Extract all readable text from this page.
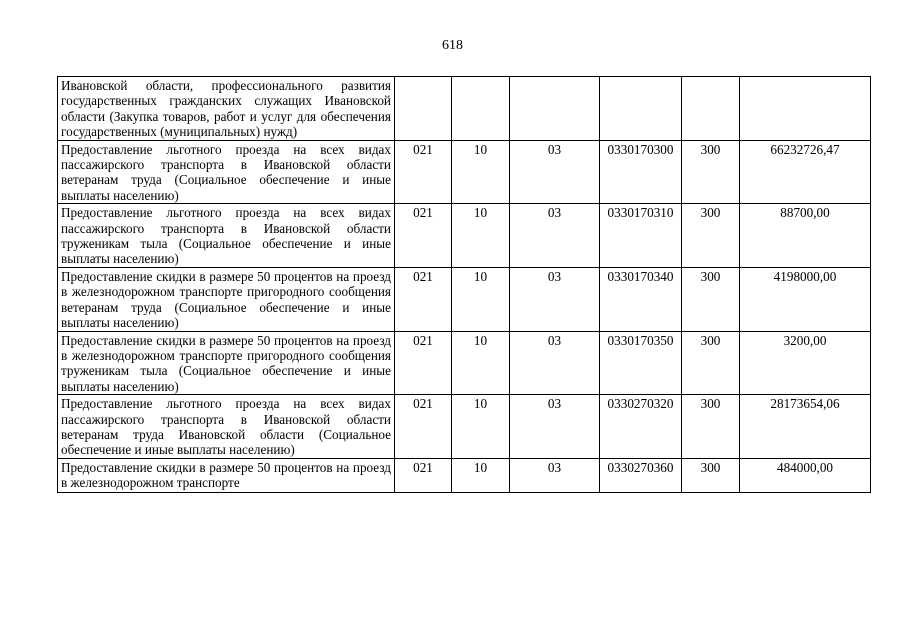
618
Ивановской области, профессионального развития государственных гражданских служащих Ивановской области (Закупка товаров, работ и услуг для обеспечения государственных (муниципальных) нужд)						
Предоставление льготного проезда на всех видах пассажирского транспорта в Ивановской области ветеранам труда (Социальное обеспечение и иные выплаты населению)	021	10	03	0330170300	300	66232726,47
Предоставление льготного проезда на всех видах пассажирского транспорта в Ивановской области труженикам тыла (Социальное обеспечение и иные выплаты населению)	021	10	03	0330170310	300	88700,00
Предоставление скидки в размере 50 процентов на проезд в железнодорожном транспорте пригородного сообщения ветеранам труда (Социальное обеспечение и иные выплаты населению)	021	10	03	0330170340	300	4198000,00
Предоставление скидки в размере 50 процентов на проезд в железнодорожном транспорте пригородного сообщения труженикам тыла (Социальное обеспечение и иные выплаты населению)	021	10	03	0330170350	300	3200,00
Предоставление льготного проезда на всех видах пассажирского транспорта в Ивановской области ветеранам труда Ивановской области (Социальное обеспечение и иные выплаты населению)	021	10	03	0330270320	300	28173654,06
Предоставление скидки в размере 50 процентов на проезд в железнодорожном транспорте	021	10	03	0330270360	300	484000,00
